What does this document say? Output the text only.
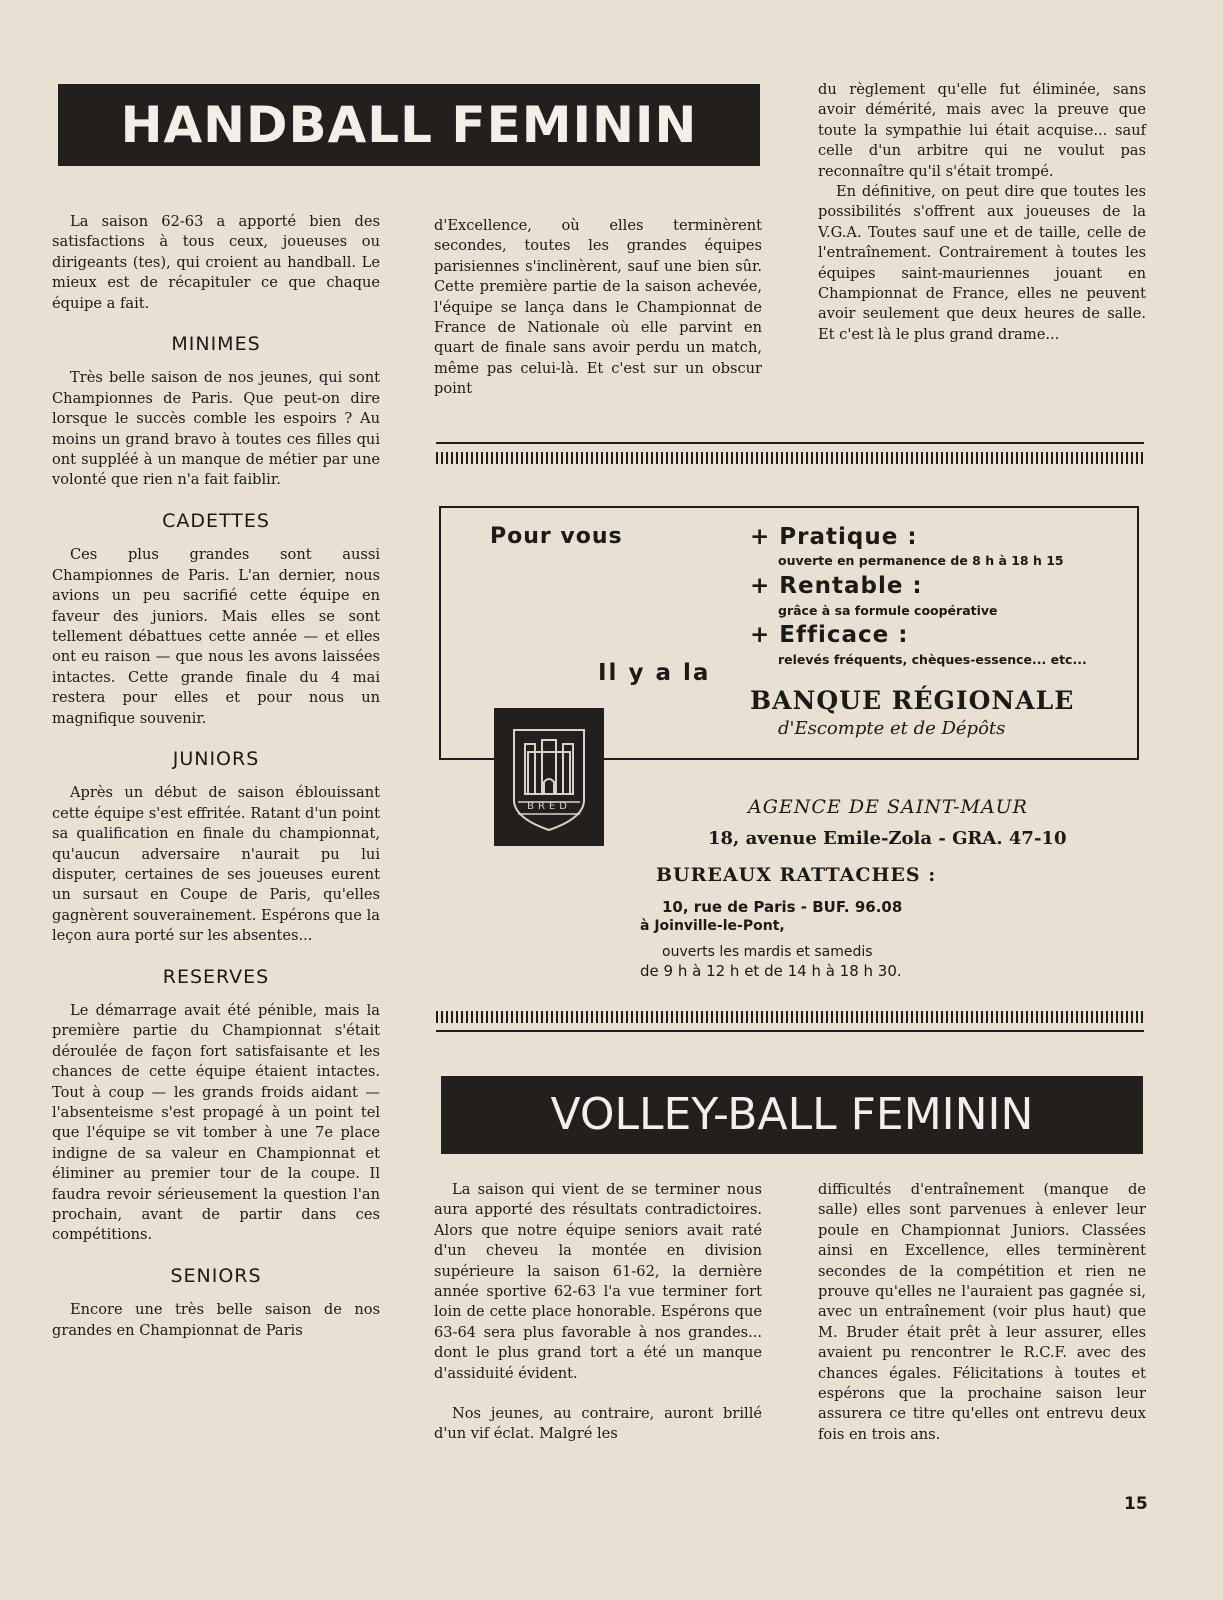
HANDBALL FEMININ

La saison 62-63 a apporté bien des satisfactions à tous ceux, joueuses ou dirigeants (tes), qui croient au handball. Le mieux est de récapituler ce que chaque équipe a fait.

MINIMES

Très belle saison de nos jeunes, qui sont Championnes de Paris. Que peut-on dire lorsque le succès comble les espoirs ? Au moins un grand bravo à toutes ces filles qui ont suppléé à un manque de métier par une volonté que rien n'a fait faiblir.

CADETTES

Ces plus grandes sont aussi Championnes de Paris. L'an dernier, nous avions un peu sacrifié cette équipe en faveur des juniors. Mais elles se sont tellement débattues cette année — et elles ont eu raison — que nous les avons laissées intactes. Cette grande finale du 4 mai restera pour elles et pour nous un magnifique souvenir.

JUNIORS

Après un début de saison éblouissant cette équipe s'est effritée. Ratant d'un point sa qualification en finale du championnat, qu'aucun adversaire n'aurait pu lui disputer, certaines de ses joueuses eurent un sursaut en Coupe de Paris, qu'elles gagnèrent souverainement. Espérons que la leçon aura porté sur les absentes...

RESERVES

Le démarrage avait été pénible, mais la première partie du Championnat s'était déroulée de façon fort satisfaisante et les chances de cette équipe étaient intactes. Tout à coup — les grands froids aidant — l'absenteisme s'est propagé à un point tel que l'équipe se vit tomber à une 7e place indigne de sa valeur en Championnat et éliminer au premier tour de la coupe. Il faudra revoir sérieusement la question l'an prochain, avant de partir dans ces compétitions.

SENIORS

Encore une très belle saison de nos grandes en Championnat de Paris

d'Excellence, où elles terminèrent secondes, toutes les grandes équipes parisiennes s'inclinèrent, sauf une bien sûr. Cette première partie de la saison achevée, l'équipe se lança dans le Championnat de France de Nationale où elle parvint en quart de finale sans avoir perdu un match, même pas celui-là. Et c'est sur un obscur point

du règlement qu'elle fut éliminée, sans avoir démérité, mais avec la preuve que toute la sympathie lui était acquise... sauf celle d'un arbitre qui ne voulut pas reconnaître qu'il s'était trompé.

En définitive, on peut dire que toutes les possibilités s'offrent aux joueuses de la V.G.A. Toutes sauf une et de taille, celle de l'entraînement. Contrairement à toutes les équipes saint-mauriennes jouant en Championnat de France, elles ne peuvent avoir seulement que deux heures de salle. Et c'est là le plus grand drame...

Pour vous	+ Pratique :
ouverte en permanence de 8 h à 18 h 15
+ Rentable :
grâce à sa formule coopérative
+ Efficace :
relevés fréquents, chèques-essence... etc...
Il y a la
BANQUE RÉGIONALE
d'Escompte et de Dépôts
BRED	AGENCE DE SAINT-MAUR
18, avenue Emile-Zola - GRA. 47-10
BUREAUX RATTACHES :
10, rue de Paris - BUF. 96.08
à Joinville-le-Pont,
ouverts les mardis et samedis
de 9 h à 12 h et de 14 h à 18 h 30.
VOLLEY-BALL FEMININ

La saison qui vient de se terminer nous aura apporté des résultats contradictoires. Alors que notre équipe seniors avait raté d'un cheveu la montée en division supérieure la saison 61-62, la dernière année sportive 62-63 l'a vue terminer fort loin de cette place honorable. Espérons que 63-64 sera plus favorable à nos grandes... dont le plus grand tort a été un manque d'assiduité évident.

Nos jeunes, au contraire, auront brillé d'un vif éclat. Malgré les

difficultés d'entraînement (manque de salle) elles sont parvenues à enlever leur poule en Championnat Juniors. Classées ainsi en Excellence, elles terminèrent secondes de la compétition et rien ne prouve qu'elles ne l'auraient pas gagnée si, avec un entraînement (voir plus haut) que M. Bruder était prêt à leur assurer, elles avaient pu rencontrer le R.C.F. avec des chances égales. Félicitations à toutes et espérons que la prochaine saison leur assurera ce titre qu'elles ont entrevu deux fois en trois ans.

15
